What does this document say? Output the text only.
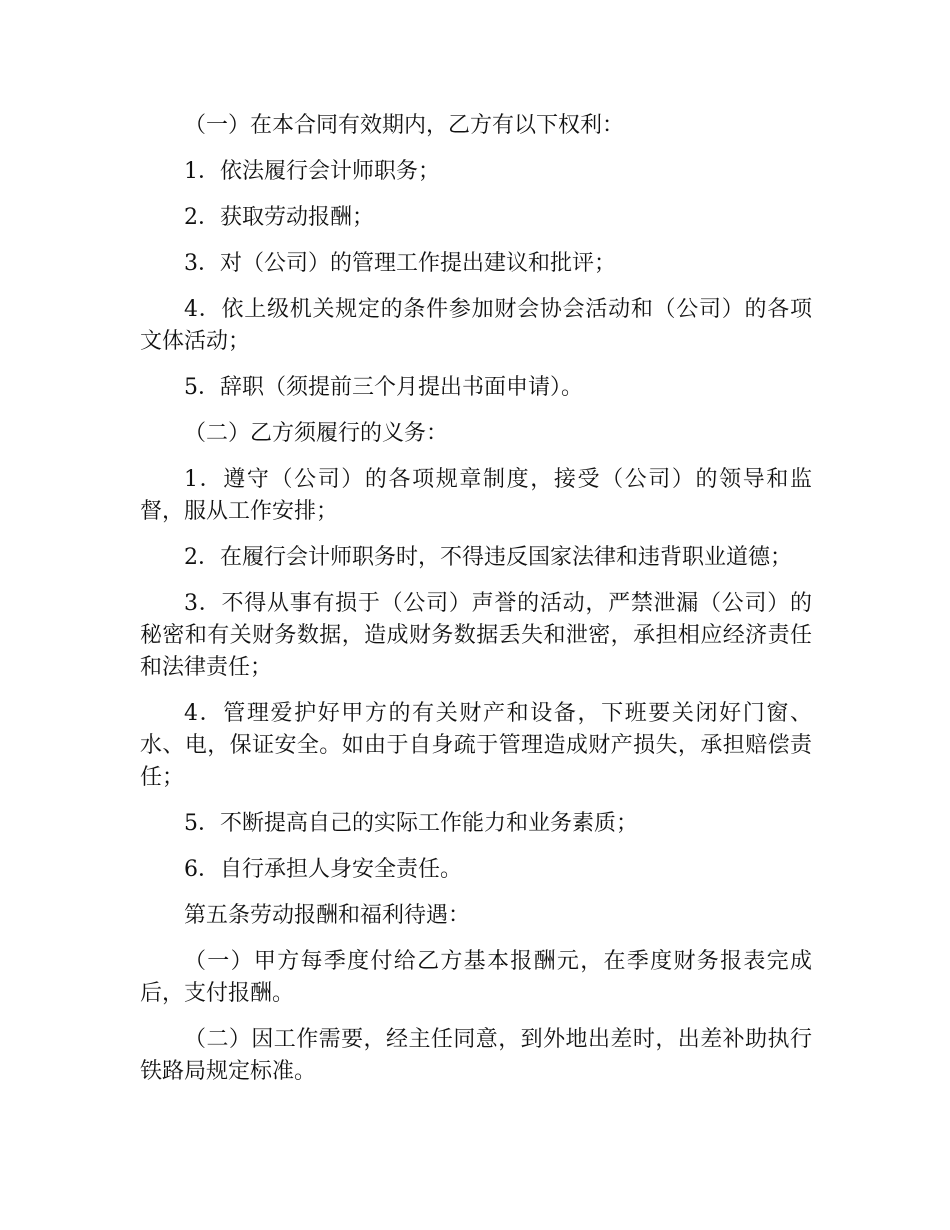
（一）在本合同有效期内，乙方有以下权利：

1．依法履行会计师职务；

2．获取劳动报酬；

3．对（公司）的管理工作提出建议和批评；

4．依上级机关规定的条件参加财会协会活动和（公司）的各项文体活动；

5．辞职（须提前三个月提出书面申请）。

（二）乙方须履行的义务：

1．遵守（公司）的各项规章制度，接受（公司）的领导和监督，服从工作安排；

2．在履行会计师职务时，不得违反国家法律和违背职业道德；

3．不得从事有损于（公司）声誉的活动，严禁泄漏（公司）的秘密和有关财务数据，造成财务数据丢失和泄密，承担相应经济责任和法律责任；

4．管理爱护好甲方的有关财产和设备，下班要关闭好门窗、水、电，保证安全。如由于自身疏于管理造成财产损失，承担赔偿责任；

5．不断提高自己的实际工作能力和业务素质；

6．自行承担人身安全责任。

第五条劳动报酬和福利待遇：

（一）甲方每季度付给乙方基本报酬元，在季度财务报表完成后，支付报酬。

（二）因工作需要，经主任同意，到外地出差时，出差补助执行铁路局规定标准。
